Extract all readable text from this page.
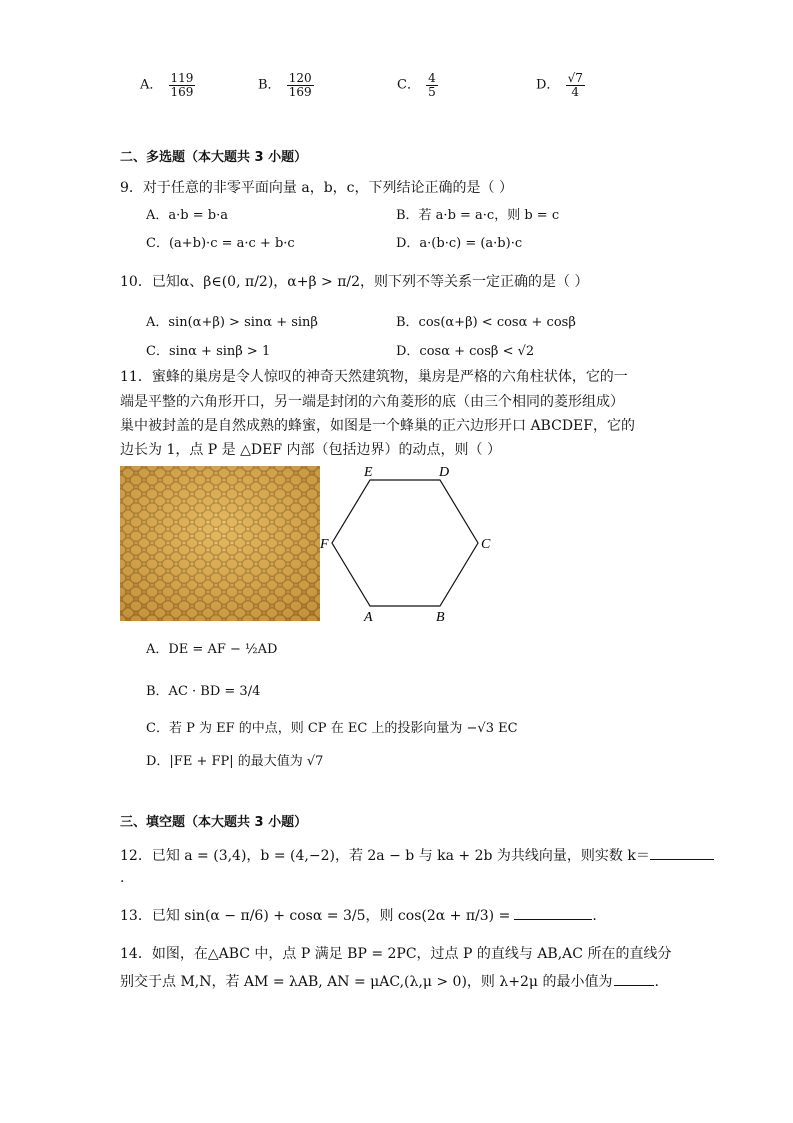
A． $\frac{119}{169}$	B． $\frac{120}{169}$	C． $\frac{4}{5}$	D． $\frac{√7}{4}$
二、多选题（本大题共 3 小题）
9．对于任意的非零平面向量 a，b，c，下列结论正确的是（ ）
A．a·b = b·a	B．若 a·b = a·c，则 b = c
C．(a+b)·c = a·c + b·c	D．a·(b·c) = (a·b)·c
10．已知α、β∈(0, π/2)，α+β > π/2，则下列不等关系一定正确的是（ ）
A．sin(α+β) > sinα + sinβ	B．cos(α+β) < cosα + cosβ
C．sinα + sinβ > 1	D．cosα + cosβ < √2
11．蜜蜂的巢房是令人惊叹的神奇天然建筑物，巢房是严格的六角柱状体，它的一
端是平整的六角形开口，另一端是封闭的六角菱形的底（由三个相同的菱形组成）
巢中被封盖的是自然成熟的蜂蜜，如图是一个蜂巢的正六边形开口 ABCDEF，它的
边长为 1，点 P 是 △DEF 内部（包括边界）的动点，则（ ）
E	D
C
F
A	B
A．DE = AF − ½AD
B．AC · BD = 3/4
C．若 P 为 EF 的中点，则 CP 在 EC 上的投影向量为 −√3 EC
D．|FE + FP| 的最大值为 √7
三、填空题（本大题共 3 小题）
12．已知 a = (3,4)，b = (4,−2)，若 2a − b 与 ka + 2b 为共线向量，则实数 k＝
.
13．已知 sin(α − π/6) + cosα = 3/5，则 cos(2α + π/3) =	.
14．如图，在△ABC 中，点 P 满足 BP = 2PC，过点 P 的直线与 AB,AC 所在的直线分
别交于点 M,N，若 AM = λAB, AN = μAC,(λ,μ > 0)，则 λ+2μ 的最小值为	.
